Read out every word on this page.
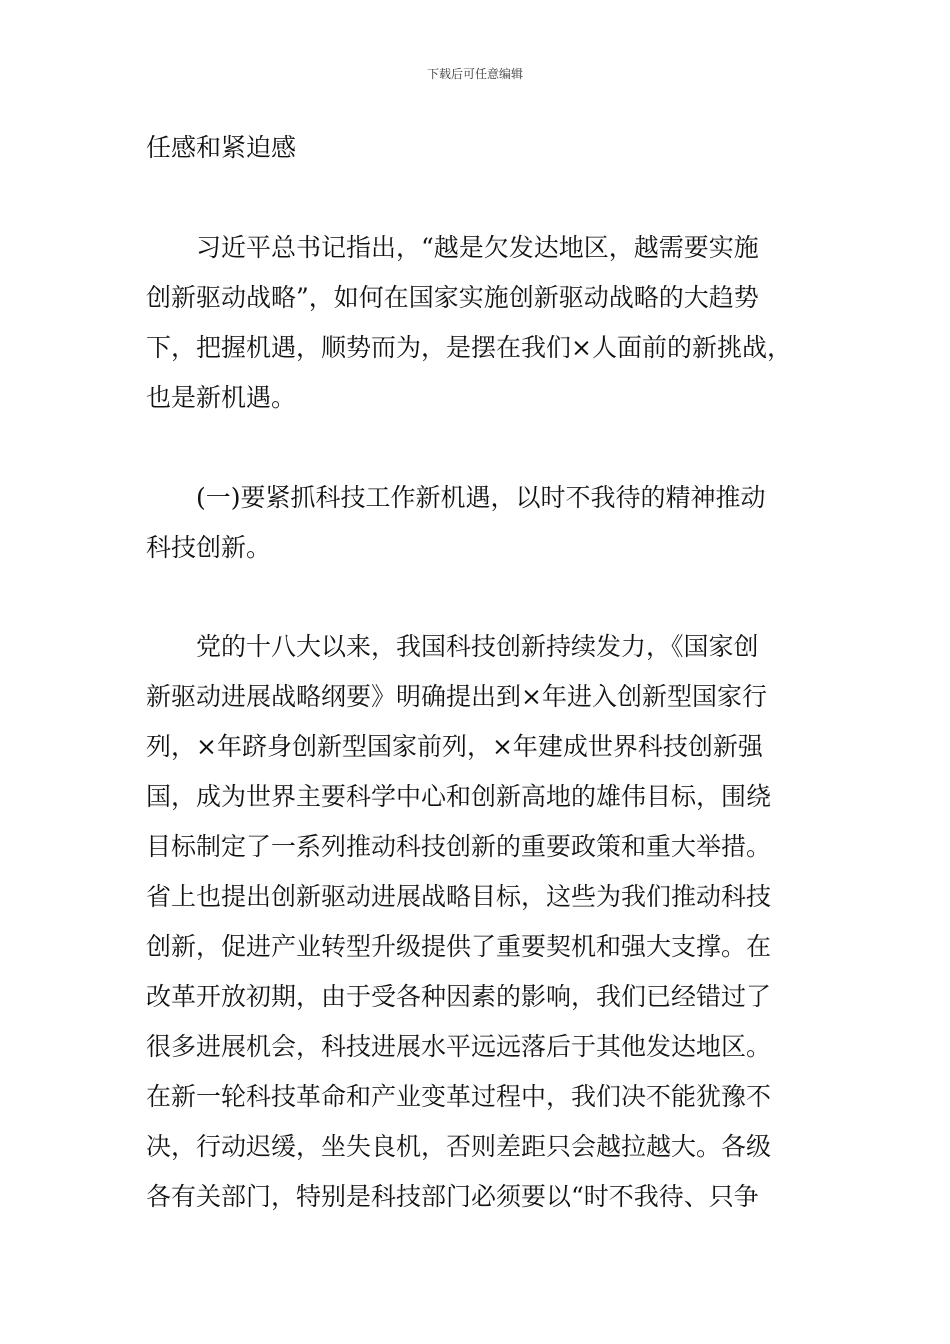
下载后可任意编辑
任感和紧迫感
习近平总书记指出，“越是欠发达地区，越需要实施
创新驱动战略”，如何在国家实施创新驱动战略的大趋势
下，把握机遇，顺势而为，是摆在我们×人面前的新挑战，
也是新机遇。
(一)要紧抓科技工作新机遇，以时不我待的精神推动
科技创新。
党的十八大以来，我国科技创新持续发力，《国家创
新驱动进展战略纲要》明确提出到×年进入创新型国家行
列，×年跻身创新型国家前列，×年建成世界科技创新强
国，成为世界主要科学中心和创新高地的雄伟目标，围绕
目标制定了一系列推动科技创新的重要政策和重大举措。
省上也提出创新驱动进展战略目标，这些为我们推动科技
创新，促进产业转型升级提供了重要契机和强大支撑。在
改革开放初期，由于受各种因素的影响，我们已经错过了
很多进展机会，科技进展水平远远落后于其他发达地区。
在新一轮科技革命和产业变革过程中，我们决不能犹豫不
决，行动迟缓，坐失良机，否则差距只会越拉越大。各级
各有关部门，特别是科技部门必须要以“时不我待、只争
